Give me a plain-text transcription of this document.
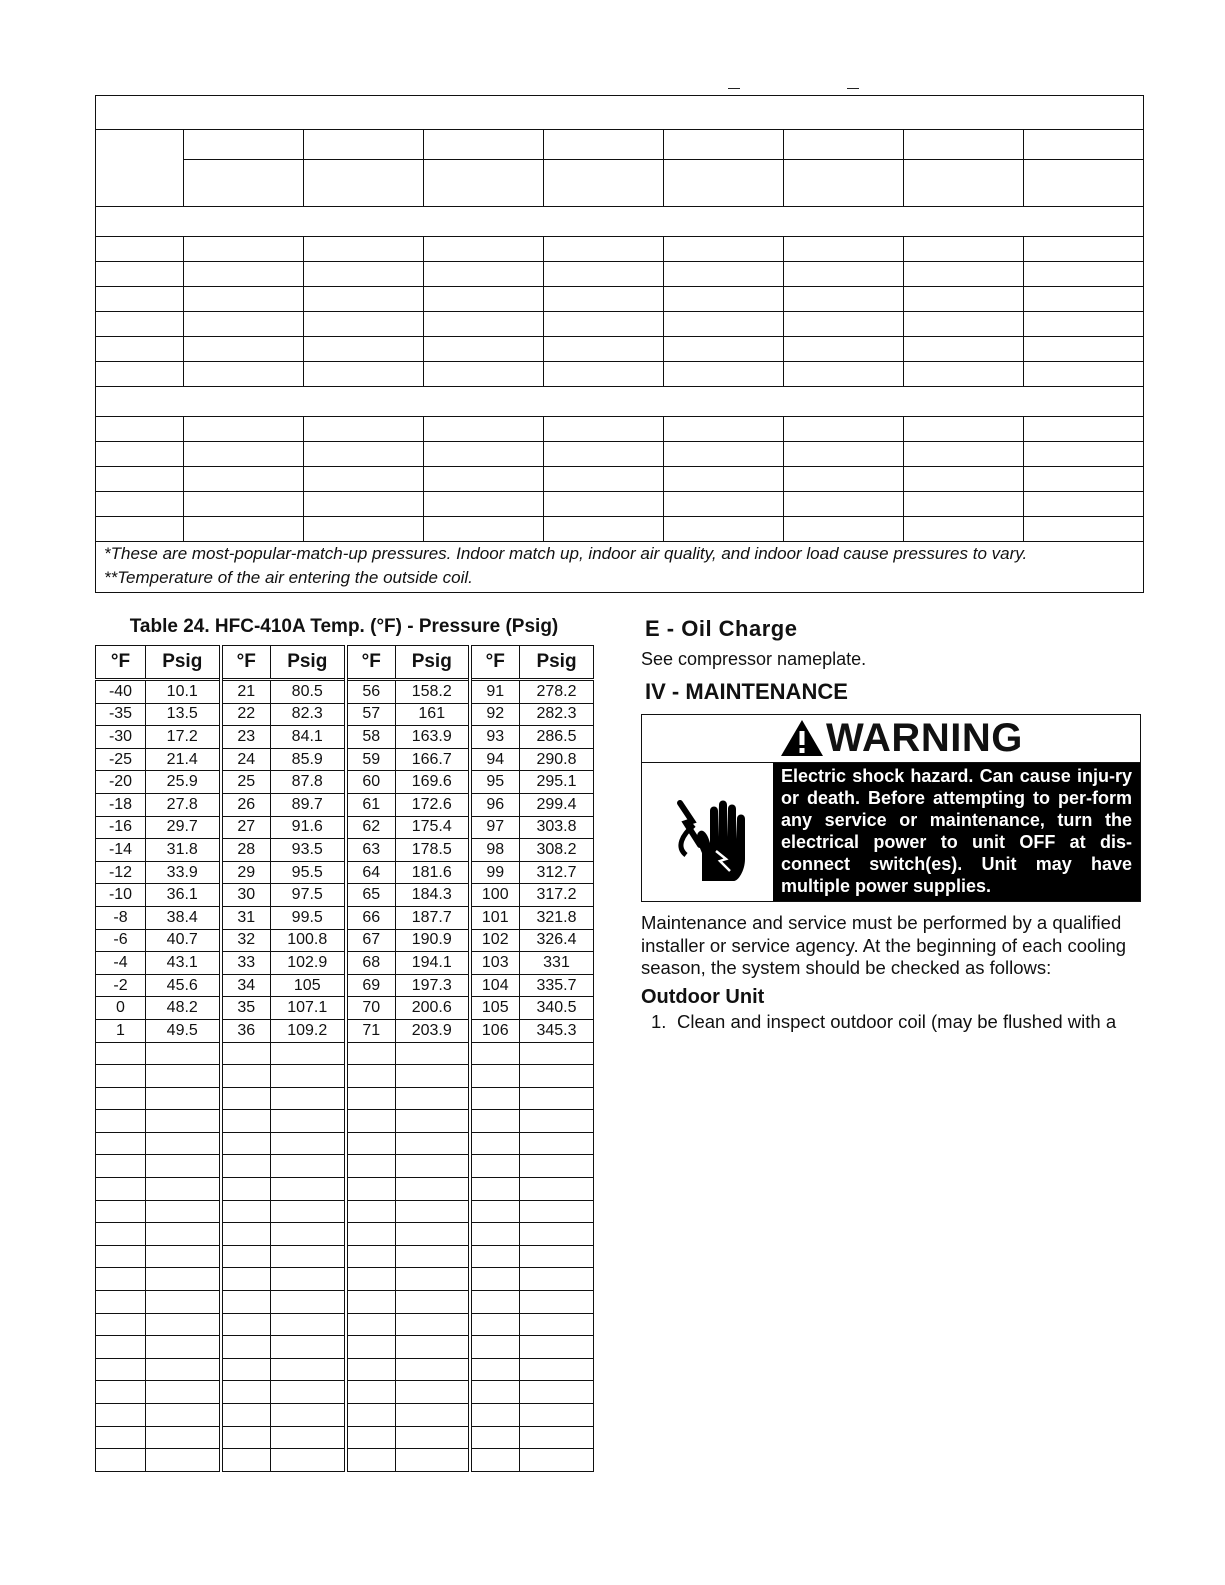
*These are most-popular-match-up pressures. Indoor match up, indoor air quality, and indoor load cause pressures to vary.								
**Temperature of the air entering the outside coil.								
Table 24. HFC-410A Temp. (°F) - Pressure (Psig)
°F	Psig	°F	Psig	°F	Psig	°F	Psig
-40	10.1	21	80.5	56	158.2	91	278.2
-35	13.5	22	82.3	57	161	92	282.3
-30	17.2	23	84.1	58	163.9	93	286.5
-25	21.4	24	85.9	59	166.7	94	290.8
-20	25.9	25	87.8	60	169.6	95	295.1
-18	27.8	26	89.7	61	172.6	96	299.4
-16	29.7	27	91.6	62	175.4	97	303.8
-14	31.8	28	93.5	63	178.5	98	308.2
-12	33.9	29	95.5	64	181.6	99	312.7
-10	36.1	30	97.5	65	184.3	100	317.2
-8	38.4	31	99.5	66	187.7	101	321.8
-6	40.7	32	100.8	67	190.9	102	326.4
-4	43.1	33	102.9	68	194.1	103	331
-2	45.6	34	105	69	197.3	104	335.7
0	48.2	35	107.1	70	200.6	105	340.5
1	49.5	36	109.2	71	203.9	106	345.3

E - Oil Charge
See compressor nameplate.
IV - MAINTENANCE
WARNING
Electric shock hazard. Can cause inju-ry or death. Before attempting to per-form any service or maintenance, turn the electrical power to unit OFF at dis-connect switch(es). Unit may have multiple power supplies.
Maintenance and service must be performed by a qualified installer or service agency. At the beginning of each cooling season, the system should be checked as follows:
Outdoor Unit
1. Clean and inspect outdoor coil (may be flushed with a
